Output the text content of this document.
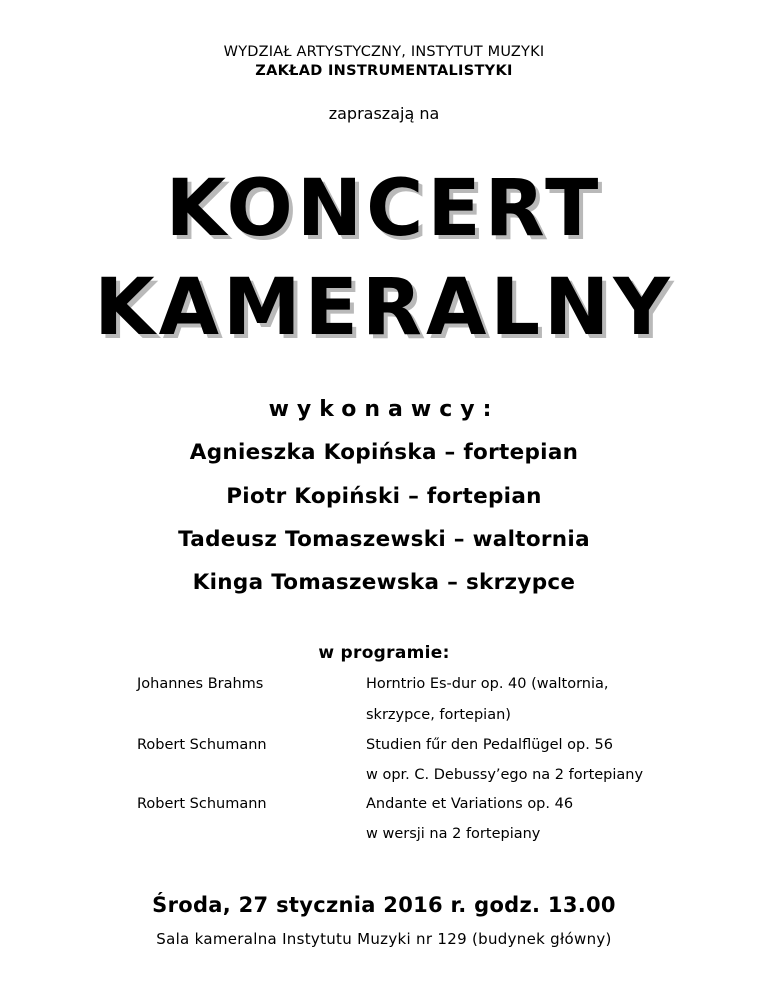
WYDZIAŁ ARTYSTYCZNY, INSTYTUT MUZYKI
ZAKŁAD INSTRUMENTALISTYKI
zapraszają na
KONCERT
KAMERALNY
wykonawcy:
Agnieszka Kopińska – fortepian
Piotr Kopiński – fortepian
Tadeusz Tomaszewski – waltornia
Kinga Tomaszewska – skrzypce
w programie:
Johannes Brahms	Horntrio Es-dur op. 40 (waltornia,
skrzypce, fortepian)
Robert Schumann	Studien fűr den Pedalflügel op. 56
w opr. C. Debussy’ego na 2 fortepiany
Robert Schumann	Andante et Variations op. 46
w wersji na 2 fortepiany
Środa, 27 stycznia 2016 r. godz. 13.00
Sala kameralna Instytutu Muzyki nr 129 (budynek główny)
